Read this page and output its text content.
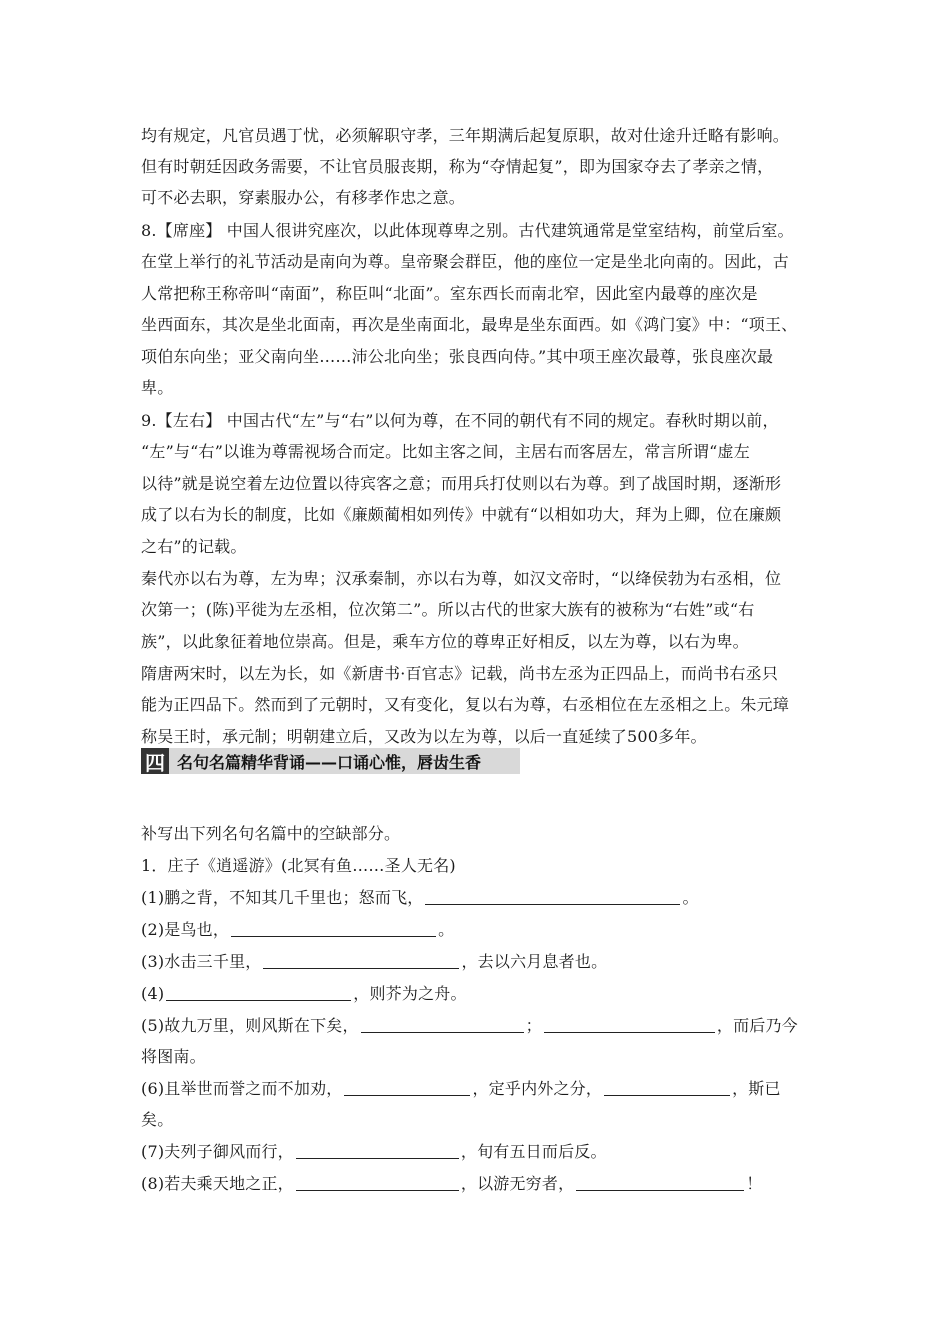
均有规定，凡官员遇丁忧，必须解职守孝，三年期满后起复原职，故对仕途升迁略有影响。
但有时朝廷因政务需要，不让官员服丧期，称为“夺情起复”，即为国家夺去了孝亲之情，
可不必去职，穿素服办公，有移孝作忠之意。
8.【席座】 中国人很讲究座次，以此体现尊卑之别。古代建筑通常是堂室结构，前堂后室。
在堂上举行的礼节活动是南向为尊。皇帝聚会群臣，他的座位一定是坐北向南的。因此，古
人常把称王称帝叫“南面”，称臣叫“北面”。室东西长而南北窄，因此室内最尊的座次是
坐西面东，其次是坐北面南，再次是坐南面北，最卑是坐东面西。如《鸿门宴》中：“项王、
项伯东向坐；亚父南向坐……沛公北向坐；张良西向侍。”其中项王座次最尊，张良座次最
卑。
9.【左右】 中国古代“左”与“右”以何为尊，在不同的朝代有不同的规定。春秋时期以前，
“左”与“右”以谁为尊需视场合而定。比如主客之间，主居右而客居左，常言所谓“虚左
以待”就是说空着左边位置以待宾客之意；而用兵打仗则以右为尊。到了战国时期，逐渐形
成了以右为长的制度，比如《廉颇蔺相如列传》中就有“以相如功大，拜为上卿，位在廉颇
之右”的记载。
秦代亦以右为尊，左为卑；汉承秦制，亦以右为尊，如汉文帝时，“以绛侯勃为右丞相，位
次第一；(陈)平徙为左丞相，位次第二”。所以古代的世家大族有的被称为“右姓”或“右
族”，以此象征着地位崇高。但是，乘车方位的尊卑正好相反，以左为尊，以右为卑。
隋唐两宋时，以左为长，如《新唐书·百官志》记载，尚书左丞为正四品上，而尚书右丞只
能为正四品下。然而到了元朝时，又有变化，复以右为尊，右丞相位在左丞相之上。朱元璋
称吴王时，承元制；明朝建立后，又改为以左为尊，以后一直延续了500多年。
四 名句名篇精华背诵——口诵心惟，唇齿生香
补写出下列名句名篇中的空缺部分。
1．庄子《逍遥游》(北冥有鱼……圣人无名)
(1)鹏之背，不知其几千里也；怒而飞，	。
(2)是鸟也，	。
(3)水击三千里，	，去以六月息者也。
(4)	，则芥为之舟。
(5)故九万里，则风斯在下矣，	；	，而后乃今
将图南。
(6)且举世而誉之而不加劝，	，定乎内外之分，	，斯已
矣。
(7)夫列子御风而行，	，旬有五日而后反。
(8)若夫乘天地之正，	，以游无穷者，	！
